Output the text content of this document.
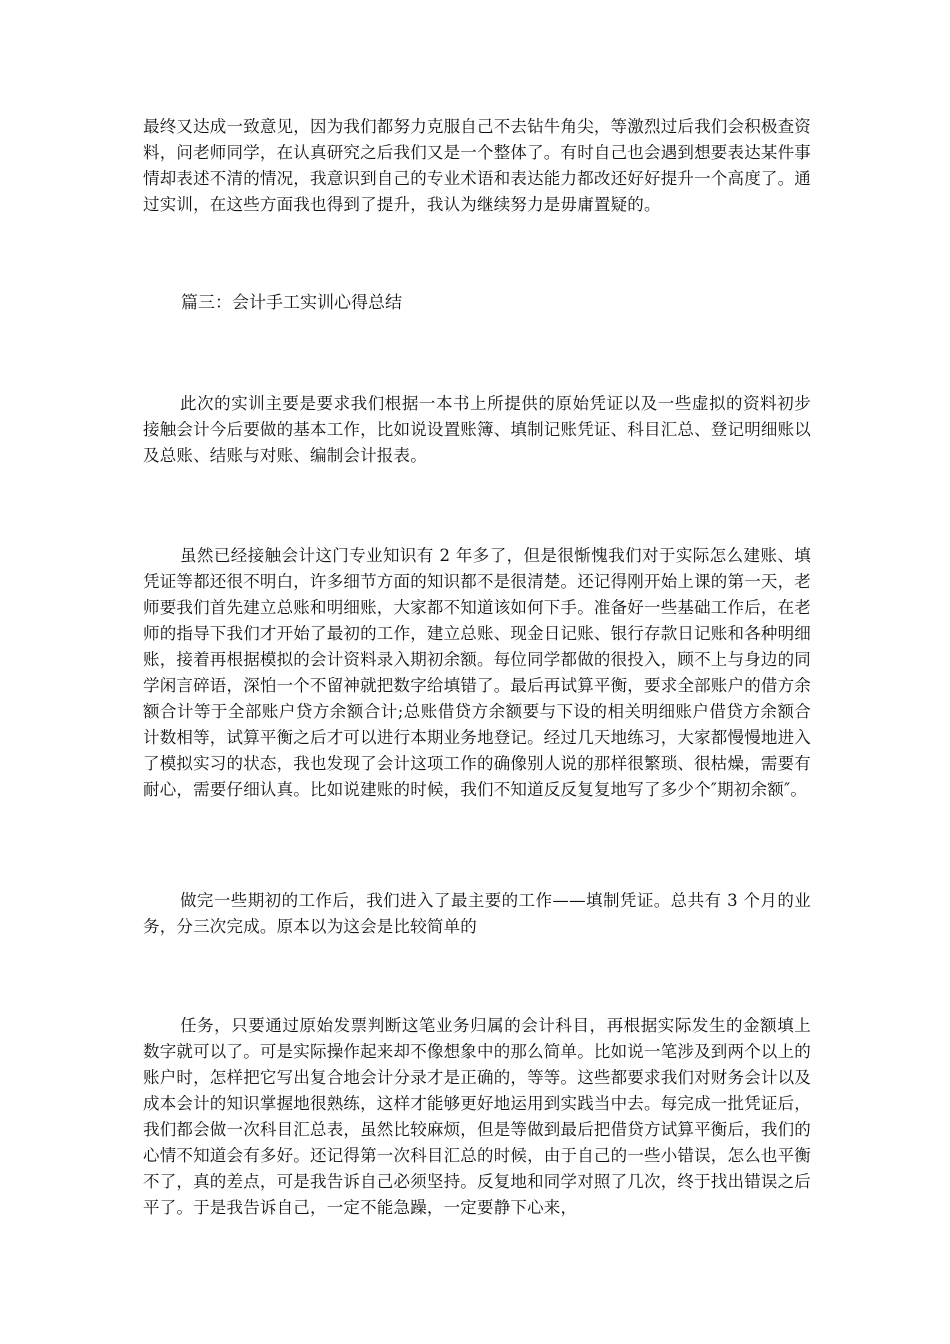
最终又达成一致意见，因为我们都努力克服自己不去钻牛角尖，等激烈过后我们会积极查资料，问老师同学，在认真研究之后我们又是一个整体了。有时自己也会遇到想要表达某件事情却表述不清的情况，我意识到自己的专业术语和表达能力都改还好好提升一个高度了。通过实训，在这些方面我也得到了提升，我认为继续努力是毋庸置疑的。

篇三：会计手工实训心得总结

此次的实训主要是要求我们根据一本书上所提供的原始凭证以及一些虚拟的资料初步接触会计今后要做的基本工作，比如说设置账簿、填制记账凭证、科目汇总、登记明细账以及总账、结账与对账、编制会计报表。

虽然已经接触会计这门专业知识有 2 年多了，但是很惭愧我们对于实际怎么建账、填凭证等都还很不明白，许多细节方面的知识都不是很清楚。还记得刚开始上课的第一天，老师要我们首先建立总账和明细账，大家都不知道该如何下手。准备好一些基础工作后，在老师的指导下我们才开始了最初的工作，建立总账、现金日记账、银行存款日记账和各种明细账，接着再根据模拟的会计资料录入期初余额。每位同学都做的很投入，顾不上与身边的同学闲言碎语，深怕一个不留神就把数字给填错了。最后再试算平衡，要求全部账户的借方余额合计等于全部账户贷方余额合计;总账借贷方余额要与下设的相关明细账户借贷方余额合计数相等，试算平衡之后才可以进行本期业务地登记。经过几天地练习，大家都慢慢地进入了模拟实习的状态，我也发现了会计这项工作的确像别人说的那样很繁琐、很枯燥，需要有耐心，需要仔细认真。比如说建账的时候，我们不知道反反复复地写了多少个″期初余额″。

做完一些期初的工作后，我们进入了最主要的工作——填制凭证。总共有 3 个月的业务，分三次完成。原本以为这会是比较简单的

任务，只要通过原始发票判断这笔业务归属的会计科目，再根据实际发生的金额填上数字就可以了。可是实际操作起来却不像想象中的那么简单。比如说一笔涉及到两个以上的账户时，怎样把它写出复合地会计分录才是正确的，等等。这些都要求我们对财务会计以及成本会计的知识掌握地很熟练，这样才能够更好地运用到实践当中去。每完成一批凭证后，我们都会做一次科目汇总表，虽然比较麻烦，但是等做到最后把借贷方试算平衡后，我们的心情不知道会有多好。还记得第一次科目汇总的时候，由于自己的一些小错误，怎么也平衡不了，真的差点，可是我告诉自己必须坚持。反复地和同学对照了几次，终于找出错误之后平了。于是我告诉自己，一定不能急躁，一定要静下心来，
